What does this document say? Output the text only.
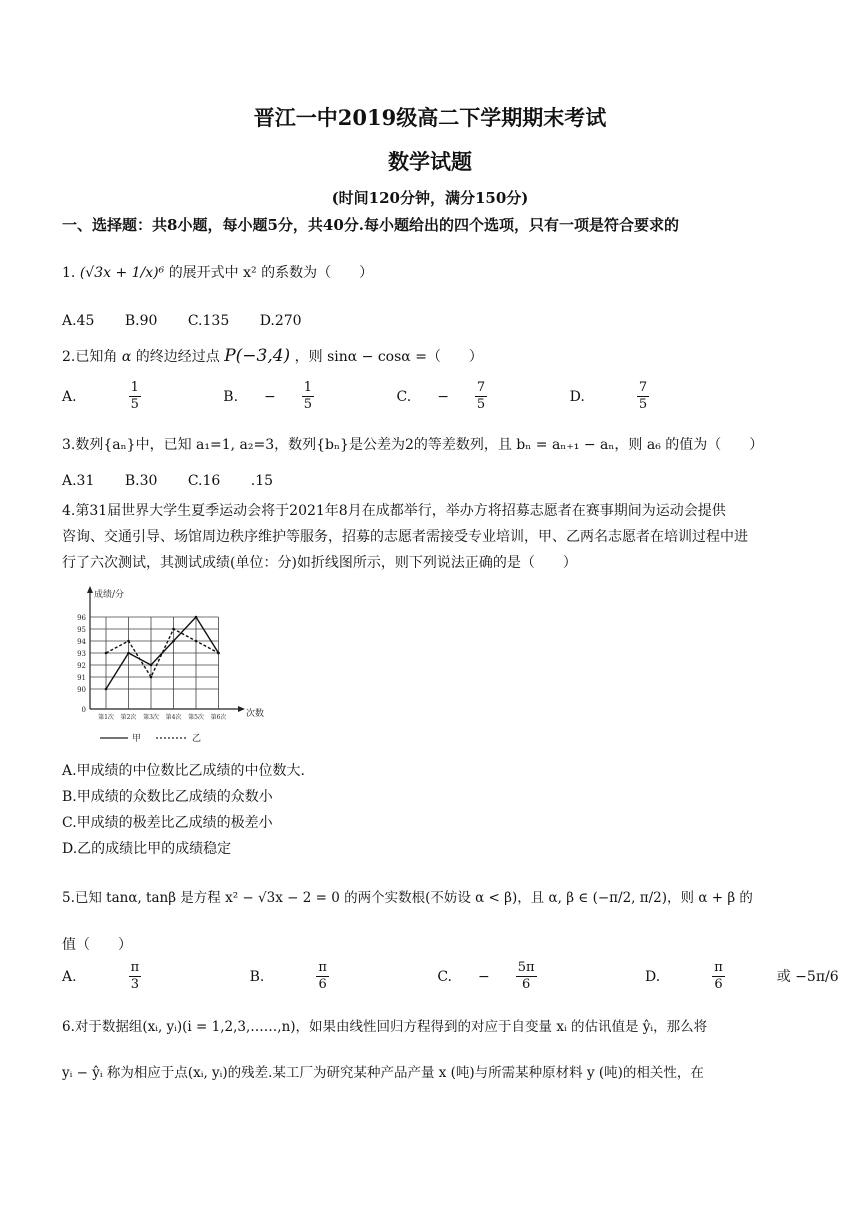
晋江一中2019级高二下学期期末考试
数学试题
(时间120分钟，满分150分)
一、选择题：共8小题，每小题5分，共40分.每小题给出的四个选项，只有一项是符合要求的
1. (√3x + 1/x)⁶ 的展开式中 x² 的系数为（　　）
A.45 B.90 C.135 D.270
2.已知角 α 的终边经过点 P(−3,4) ，则 sinα − cosα =（　　）
A.	$\frac{1}{5}$	B. − $\frac{1}{5}$	C. − $\frac{7}{5}$	D.	$\frac{7}{5}$
3.数列{aₙ}中，已知 a₁=1, a₂=3，数列{bₙ}是公差为2的等差数列，且 bₙ = aₙ₊₁ − aₙ，则 a₆ 的值为（　　）
A.31 B.30 C.16 .15
4.第31届世界大学生夏季运动会将于2021年8月在成都举行，举办方将招募志愿者在赛事期间为运动会提供
咨询、交通引导、场馆周边秩序维护等服务，招募的志愿者需接受专业培训，甲、乙两名志愿者在培训过程中进
行了六次测试，其测试成绩(单位：分)如折线图所示，则下列说法正确的是（　　）
成绩/分
次数
0
90
91
92
93
94
95
96
第1次 第2次 第3次 第4次 第5次 第6次
甲	乙
A.甲成绩的中位数比乙成绩的中位数大.
B.甲成绩的众数比乙成绩的众数小
C.甲成绩的极差比乙成绩的极差小
D.乙的成绩比甲的成绩稳定
5.已知 tanα, tanβ 是方程 x² − √3x − 2 = 0 的两个实数根(不妨设 α < β)，且 α, β ∈ (−π/2, π/2)，则 α + β 的
值（　　）
A.	$\frac{\pi}{3}$	B.	$\frac{\pi}{6}$	C. − $\frac{5\pi}{6}$	D.	$\frac{\pi}{6}$ 或 −5π/6
6.对于数据组(xᵢ, yᵢ)(i = 1,2,3,……,n)，如果由线性回归方程得到的对应于自变量 xᵢ 的估讯值是 ŷᵢ，那么将
yᵢ − ŷᵢ 称为相应于点(xᵢ, yᵢ)的残差.某工厂为研究某种产品产量 x (吨)与所需某种原材料 y (吨)的相关性，在
